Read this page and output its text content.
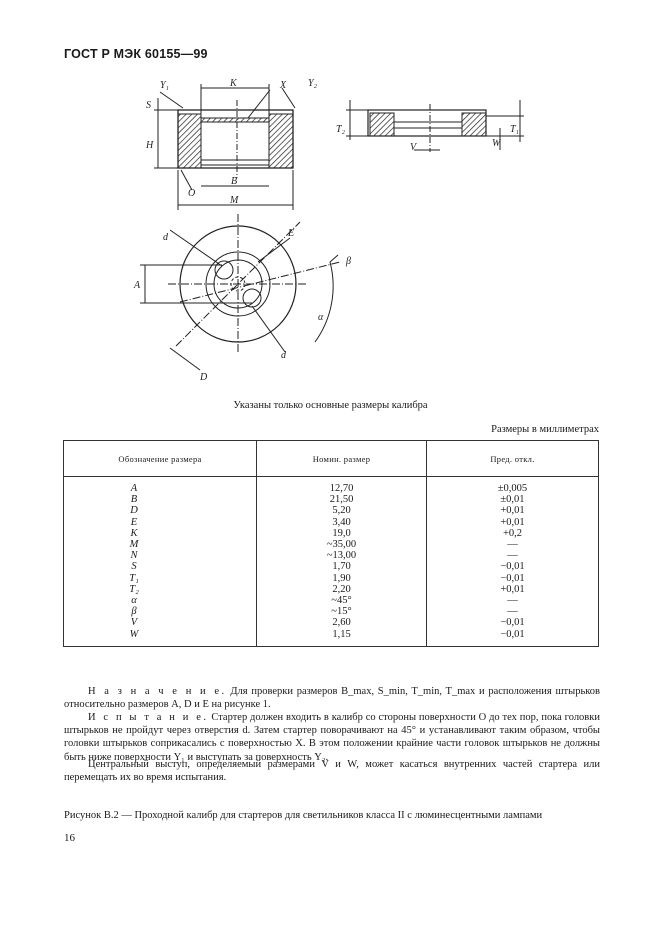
ГОСТ Р МЭК 60155—99
Y₁	K	X Y₂
S
H
B
O
M
T₂	T₁
V	W
d	E
β
A
α
d
D
Указаны только основные размеры калибра
Размеры в миллиметрах
Обозначение размера	Номин. размер	Пред. откл.
A	12,70	±0,005
B	21,50	±0,01
D	5,20	+0,01
E	3,40	+0,01
K	19,0	+0,2
M	~35,00	—
N	~13,00	—
S	1,70	−0,01
T₁	1,90	−0,01
T₂	2,20	+0,01
α	~45°	—
β	~15°	—
V	2,60	−0,01
W	1,15	−0,01
Н а з н а ч е н и е. Для проверки размеров B_max, S_min, T_min, T_max и расположения штырьков относительно размеров A, D и E на рисунке 1.
И с п ы т а н и е. Стартер должен входить в калибр со стороны поверхности O до тех пор, пока головки штырьков не пройдут через отверстия d. Затем стартер поворачивают на 45° и устанавливают таким образом, чтобы головки штырьков соприкасались с поверхностью X. В этом положении крайние части головок штырьков не должны быть ниже поверхности Y₁ и выступать за поверхность Y₂.
Центральный выступ, определяемый размерами V и W, может касаться внутренних частей стартера или перемещать их во время испытания.
Рисунок В.2 — Проходной калибр для стартеров для светильников класса II с люминесцентными лампами
16
